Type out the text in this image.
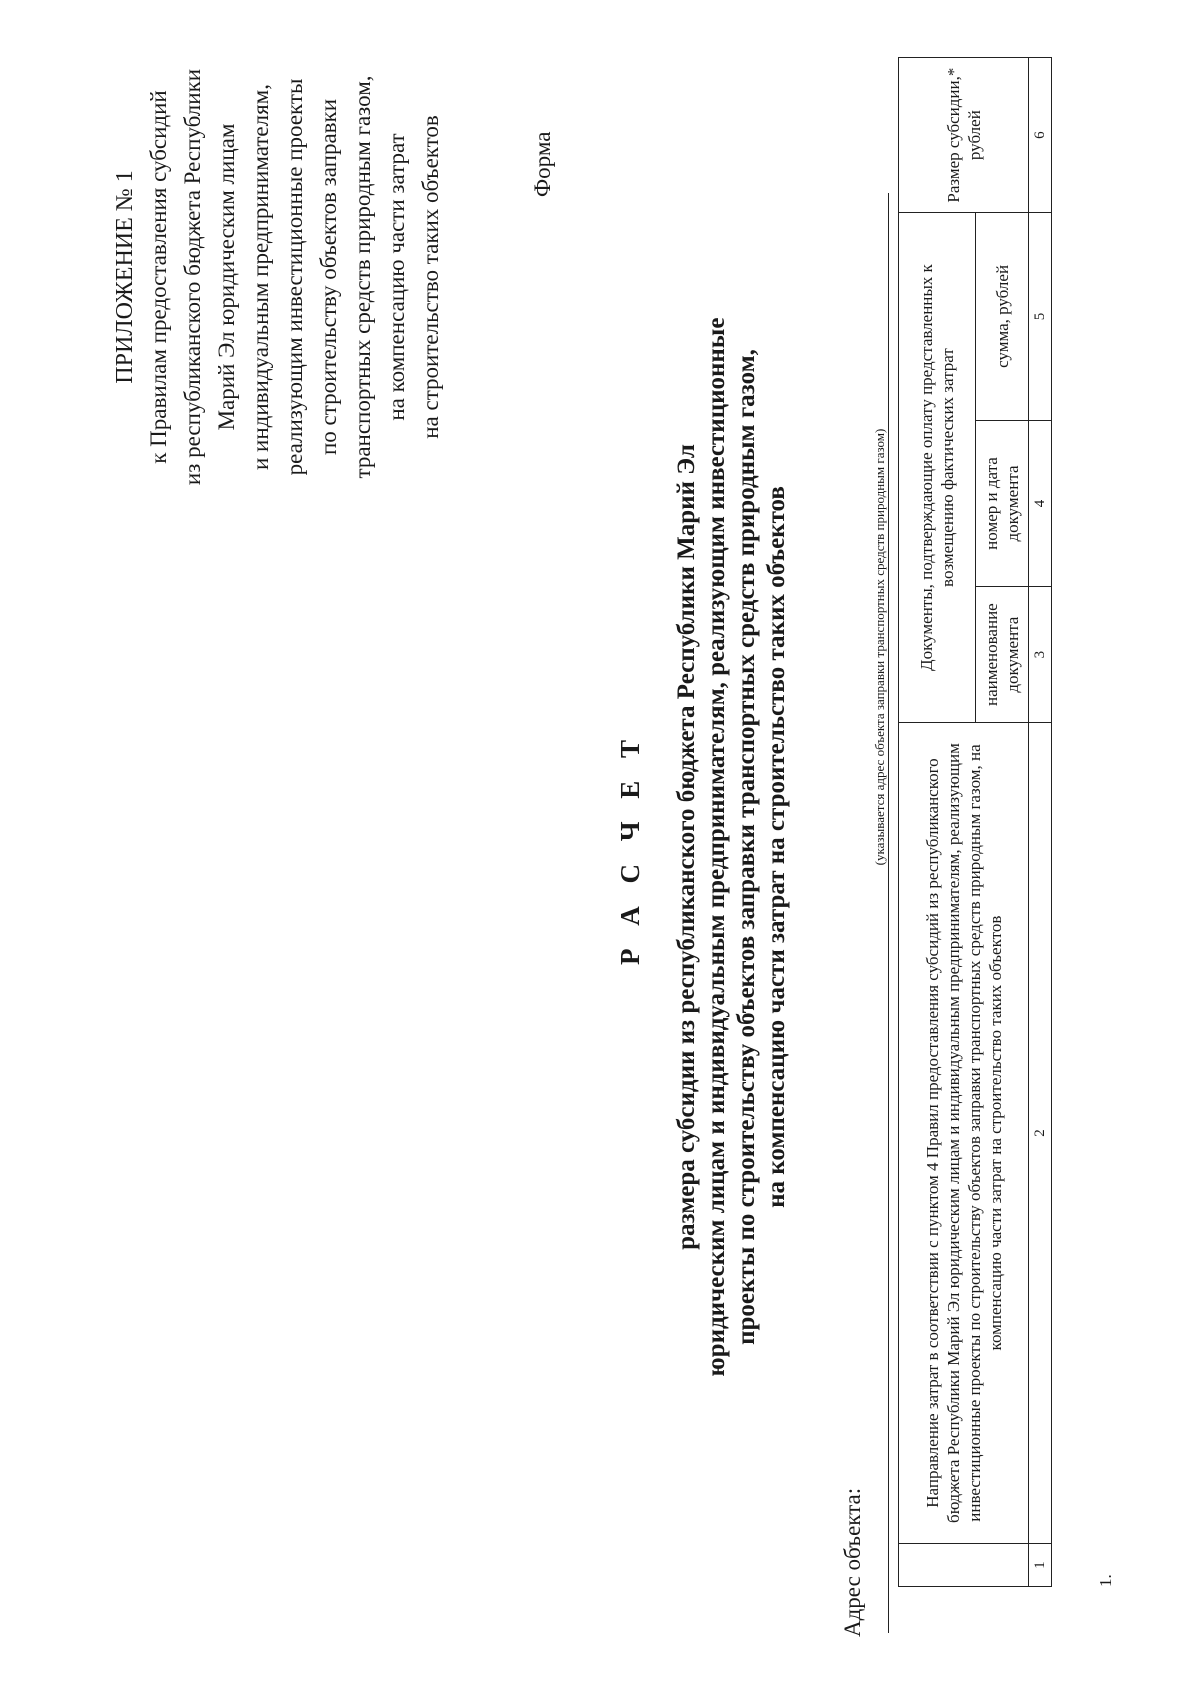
ПРИЛОЖЕНИЕ № 1 к Правилам предоставления субсидий из республиканского бюджета Республики Марий Эл юридическим лицам и индивидуальным предпринимателям, реализующим инвестиционные проекты по строительству объектов заправки транспортных средств природным газом, на компенсацию части затрат на строительство таких объектов	Форма
Р А С Ч Е Т размера субсидии из республиканского бюджета Республики Марий Эл юридическим лицам и индивидуальным предпринимателям, реализующим инвестиционные проекты по строительству объектов заправки транспортных средств природным газом, на компенсацию части затрат на строительство таких объектов
Адрес объекта:
(указывается адрес объекта заправки транспортных средств природным газом)
	Направление затрат в соответствии с пунктом 4 Правил предоставления субсидий из республиканского бюджета Республики Марий Эл юридическим лицам и индивидуальным предпринимателям, реализующим инвестиционные проекты по строительству объектов заправки транспортных средств природным газом, на компенсацию части затрат на строительство таких объектов	Документы, подтверждающие оплату представленных к возмещению фактических затрат			Размер субсидии,* рублей
		наименование документа	номер и дата документа	сумма, рублей	
1	2	3	4	5	6
1.
